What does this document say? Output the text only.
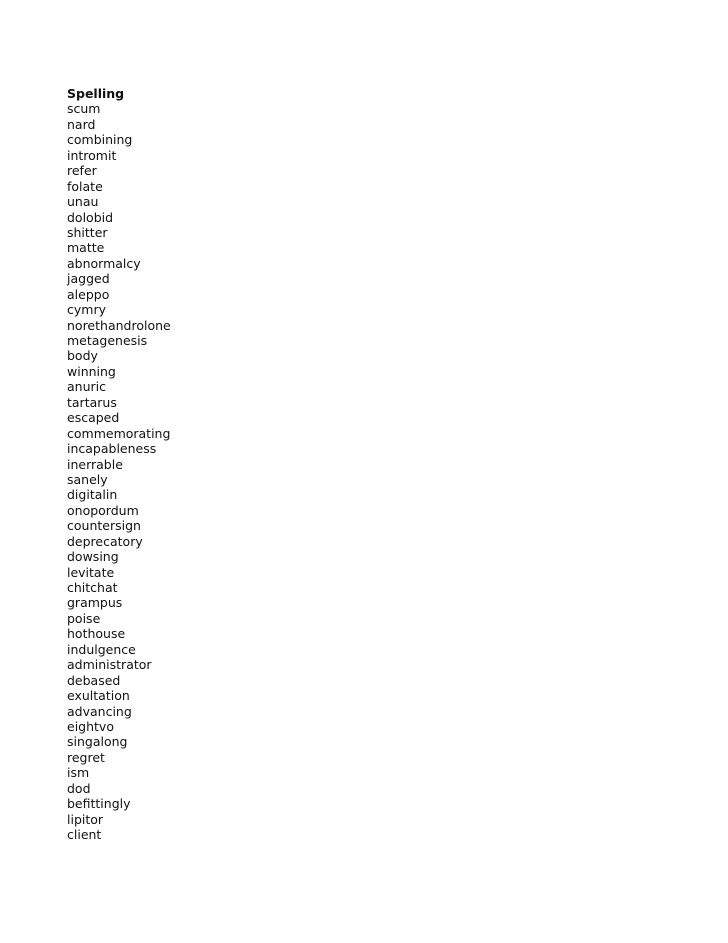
Spelling
scum
nard
combining
intromit
refer
folate
unau
dolobid
shitter
matte
abnormalcy
jagged
aleppo
cymry
norethandrolone
metagenesis
body
winning
anuric
tartarus
escaped
commemorating
incapableness
inerrable
sanely
digitalin
onopordum
countersign
deprecatory
dowsing
levitate
chitchat
grampus
poise
hothouse
indulgence
administrator
debased
exultation
advancing
eightvo
singalong
regret
ism
dod
befittingly
lipitor
client
